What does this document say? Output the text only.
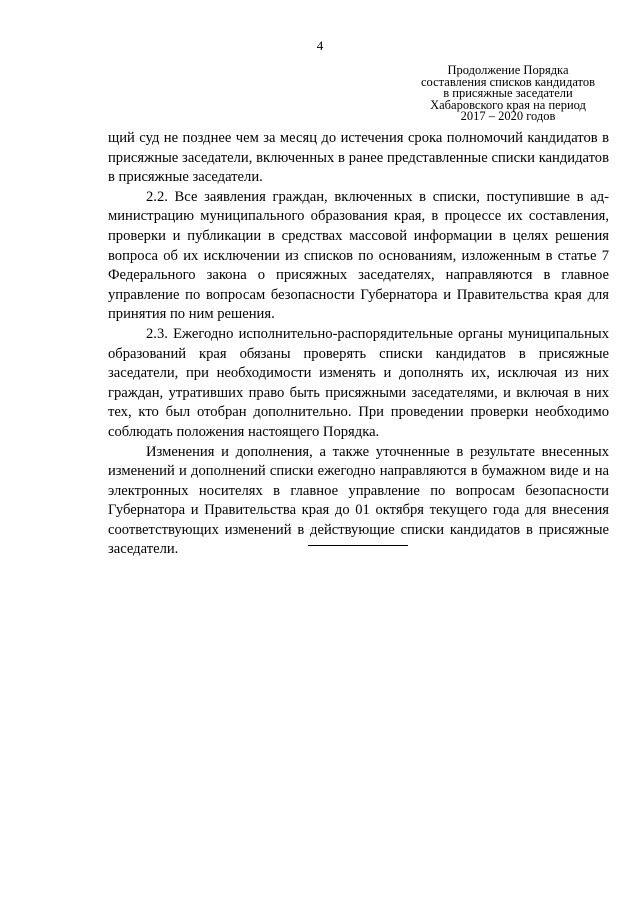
4
Продолжение Порядка
составления списков кандидатов
в присяжные заседатели
Хабаровского края на период
2017 – 2020 годов

щий суд не позднее чем за месяц до истечения срока полномочий кандидатов в присяжные заседатели, включенных в ранее представленные списки кандидатов в присяжные заседатели.

2.2. Все заявления граждан, включенных в списки, поступившие в администрацию муниципального образования края, в процессе их составления, проверки и публикации в средствах массовой информации в целях решения вопроса об их исключении из списков по основаниям, изложенным в статье 7 Федерального закона о присяжных заседателях, направляются в главное управление по вопросам безопасности Губернатора и Правительства края для принятия по ним решения.

2.3. Ежегодно исполнительно-распорядительные органы муниципальных образований края обязаны проверять списки кандидатов в присяжные заседатели, при необходимости изменять и дополнять их, исключая из них граждан, утративших право быть присяжными заседателями, и включая в них тех, кто был отобран дополнительно. При проведении проверки необходимо соблюдать положения настоящего Порядка.

Изменения и дополнения, а также уточненные в результате внесенных изменений и дополнений списки ежегодно направляются в бумажном виде и на электронных носителях в главное управление по вопросам безопасности Губернатора и Правительства края до 01 октября текущего года для внесения соответствующих изменений в действующие списки кандидатов в присяжные заседатели.
